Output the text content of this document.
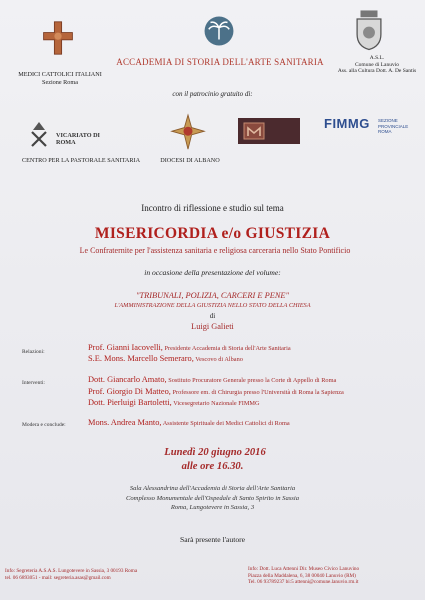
MEDICI CATTOLICI ITALIANI
Sezione Roma
ACCADEMIA DI STORIA DELL'ARTE SANITARIA	A.S.L.
Comune di Lanuvio
Ass. alla Cultura Dott. A. De Santis
con il patrocinio gratuito di:
VICARIATO DI ROMA
FIMMG SEZIONE PROVINCIALE ROMA
CENTRO PER LA PASTORALE SANITARIA	DIOCESI DI ALBANO
Incontro di riflessione e studio sul tema
MISERICORDIA e/o GIUSTIZIA
Le Confraternite per l'assistenza sanitaria e religiosa carceraria nello Stato Pontificio
in occasione della presentazione del volume:
"TRIBUNALI, POLIZIA, CARCERI E PENE"
L'AMMINISTRAZIONE DELLA GIUSTIZIA NELLO STATO DELLA CHIESA
di
Luigi Galieti
Relazioni:
Interventi:
Modera e conclude:
Prof. Gianni Iacovelli, Presidente Accademia di Storia dell'Arte Sanitaria
S.E. Mons. Marcello Semeraro, Vescovo di Albano
Dott. Giancarlo Amato, Sostituto Procuratore Generale presso la Corte di Appello di Roma
Prof. Giorgio Di Matteo, Professore em. di Chirurgia presso l'Università di Roma la Sapienza
Dott. Pierluigi Bartoletti, Vicesegretario Nazionale FIMMG
Mons. Andrea Manto, Assistente Spirituale dei Medici Cattolici di Roma
Lunedì 20 giugno 2016
alle ore 16.30.
Sala Alessandrina dell'Accademia di Storia dell'Arte Sanitaria
Complesso Monumentale dell'Ospedale di Santo Spirito in Sassia
Roma, Lungotevere in Sassia, 3
Sarà presente l'autore
Info: Segreteria A.S.A.S. Lungotevere in Sassia, 3 00193 Roma
tel. 06 6893051 - mail: segreteria.asas@gmail.com
Info: Dott. Luca Attenni Dir. Museo Civico Lanuvino
Piazza della Maddalena, 6, 38 00040 Lanuvio (RM)
Tel. 06 93789237 bi:5 attenni@comune.lanuvio.rm.it
